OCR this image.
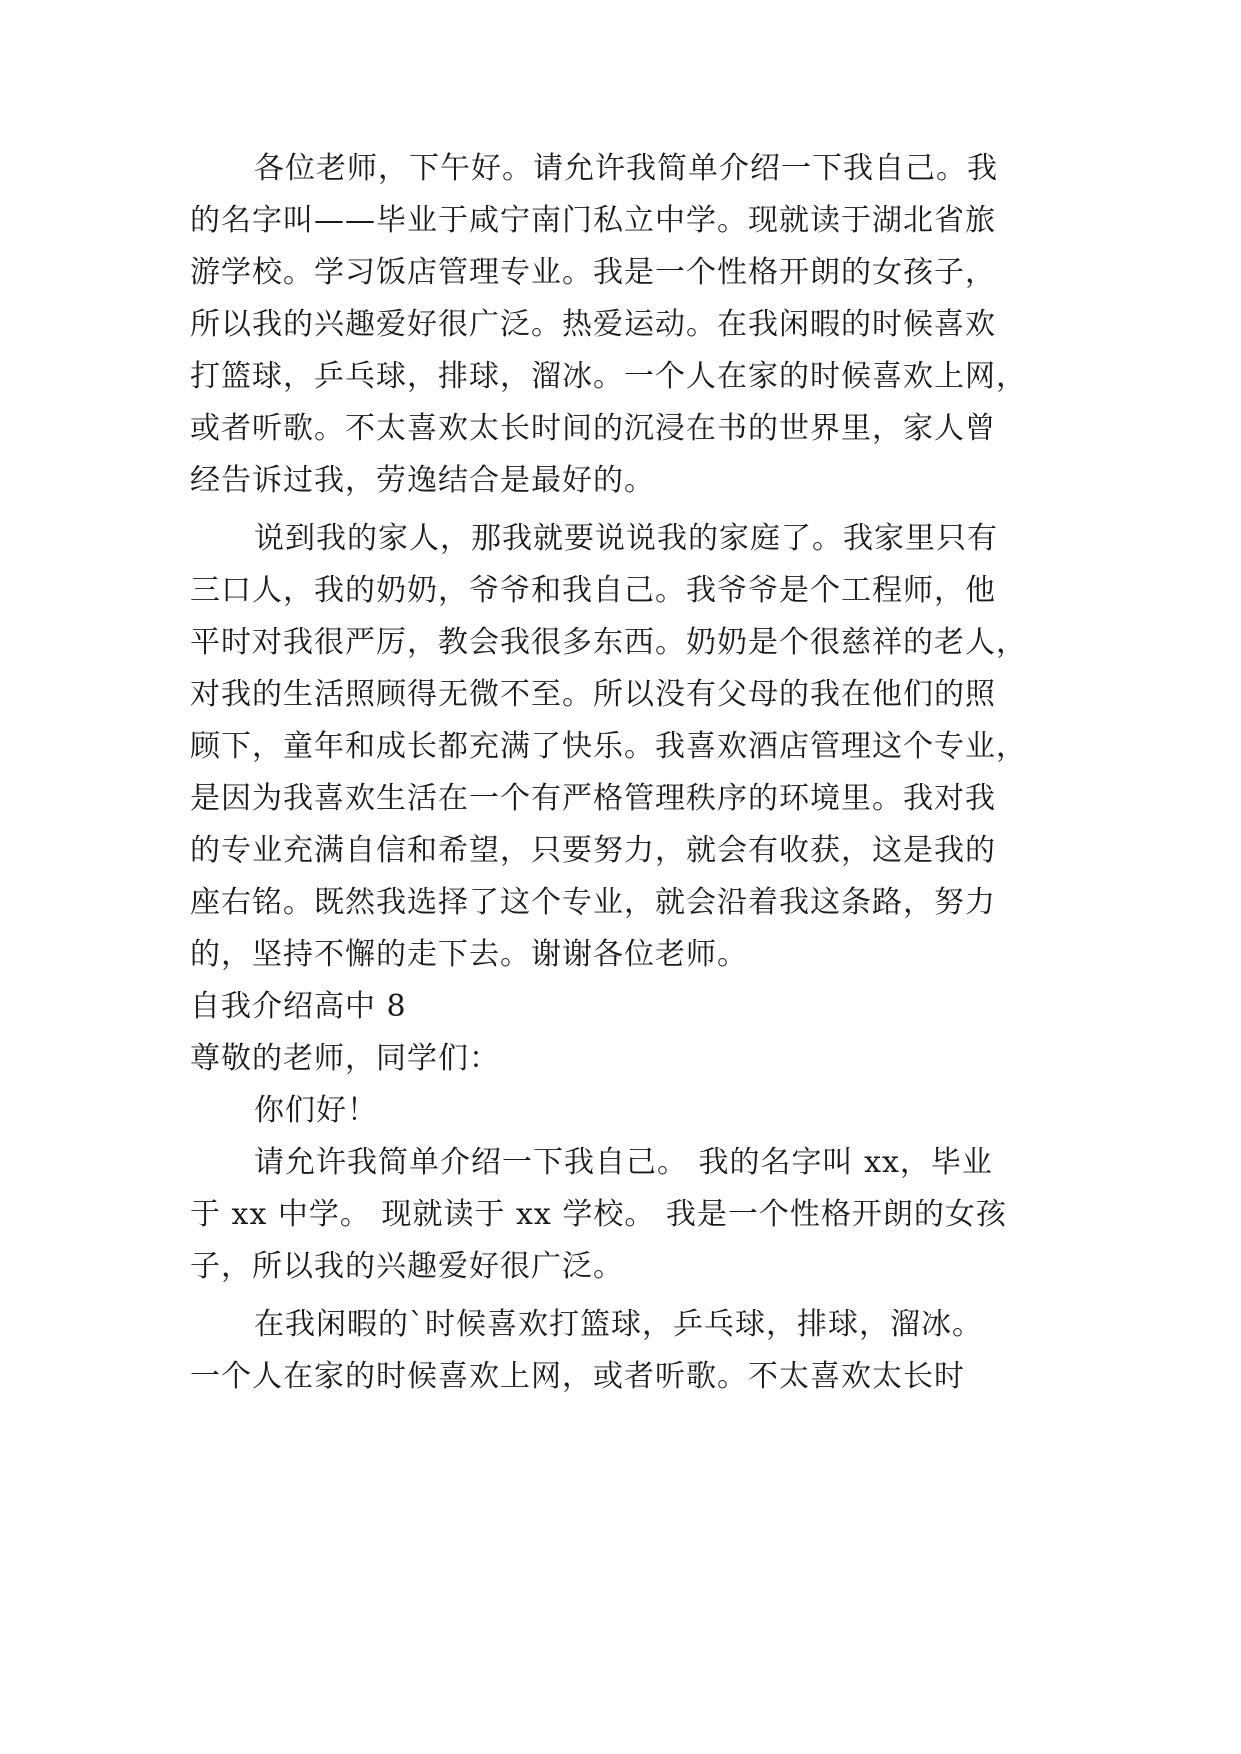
各位老师，下午好。请允许我简单介绍一下我自己。我
的名字叫——毕业于咸宁南门私立中学。现就读于湖北省旅
游学校。学习饭店管理专业。我是一个性格开朗的女孩子，
所以我的兴趣爱好很广泛。热爱运动。在我闲暇的时候喜欢
打篮球，乒乓球，排球，溜冰。一个人在家的时候喜欢上网，
或者听歌。不太喜欢太长时间的沉浸在书的世界里，家人曾
经告诉过我，劳逸结合是最好的。
说到我的家人，那我就要说说我的家庭了。我家里只有
三口人，我的奶奶，爷爷和我自己。我爷爷是个工程师，他
平时对我很严厉，教会我很多东西。奶奶是个很慈祥的老人，
对我的生活照顾得无微不至。所以没有父母的我在他们的照
顾下，童年和成长都充满了快乐。我喜欢酒店管理这个专业，
是因为我喜欢生活在一个有严格管理秩序的环境里。我对我
的专业充满自信和希望，只要努力，就会有收获，这是我的
座右铭。既然我选择了这个专业，就会沿着我这条路，努力
的，坚持不懈的走下去。谢谢各位老师。
自我介绍高中 8
尊敬的老师，同学们：
你们好！
请允许我简单介绍一下我自己。 我的名字叫 xx，毕业
于 xx 中学。 现就读于 xx 学校。 我是一个性格开朗的女孩
子，所以我的兴趣爱好很广泛。
在我闲暇的`时候喜欢打篮球，乒乓球，排球，溜冰。
一个人在家的时候喜欢上网，或者听歌。不太喜欢太长时
